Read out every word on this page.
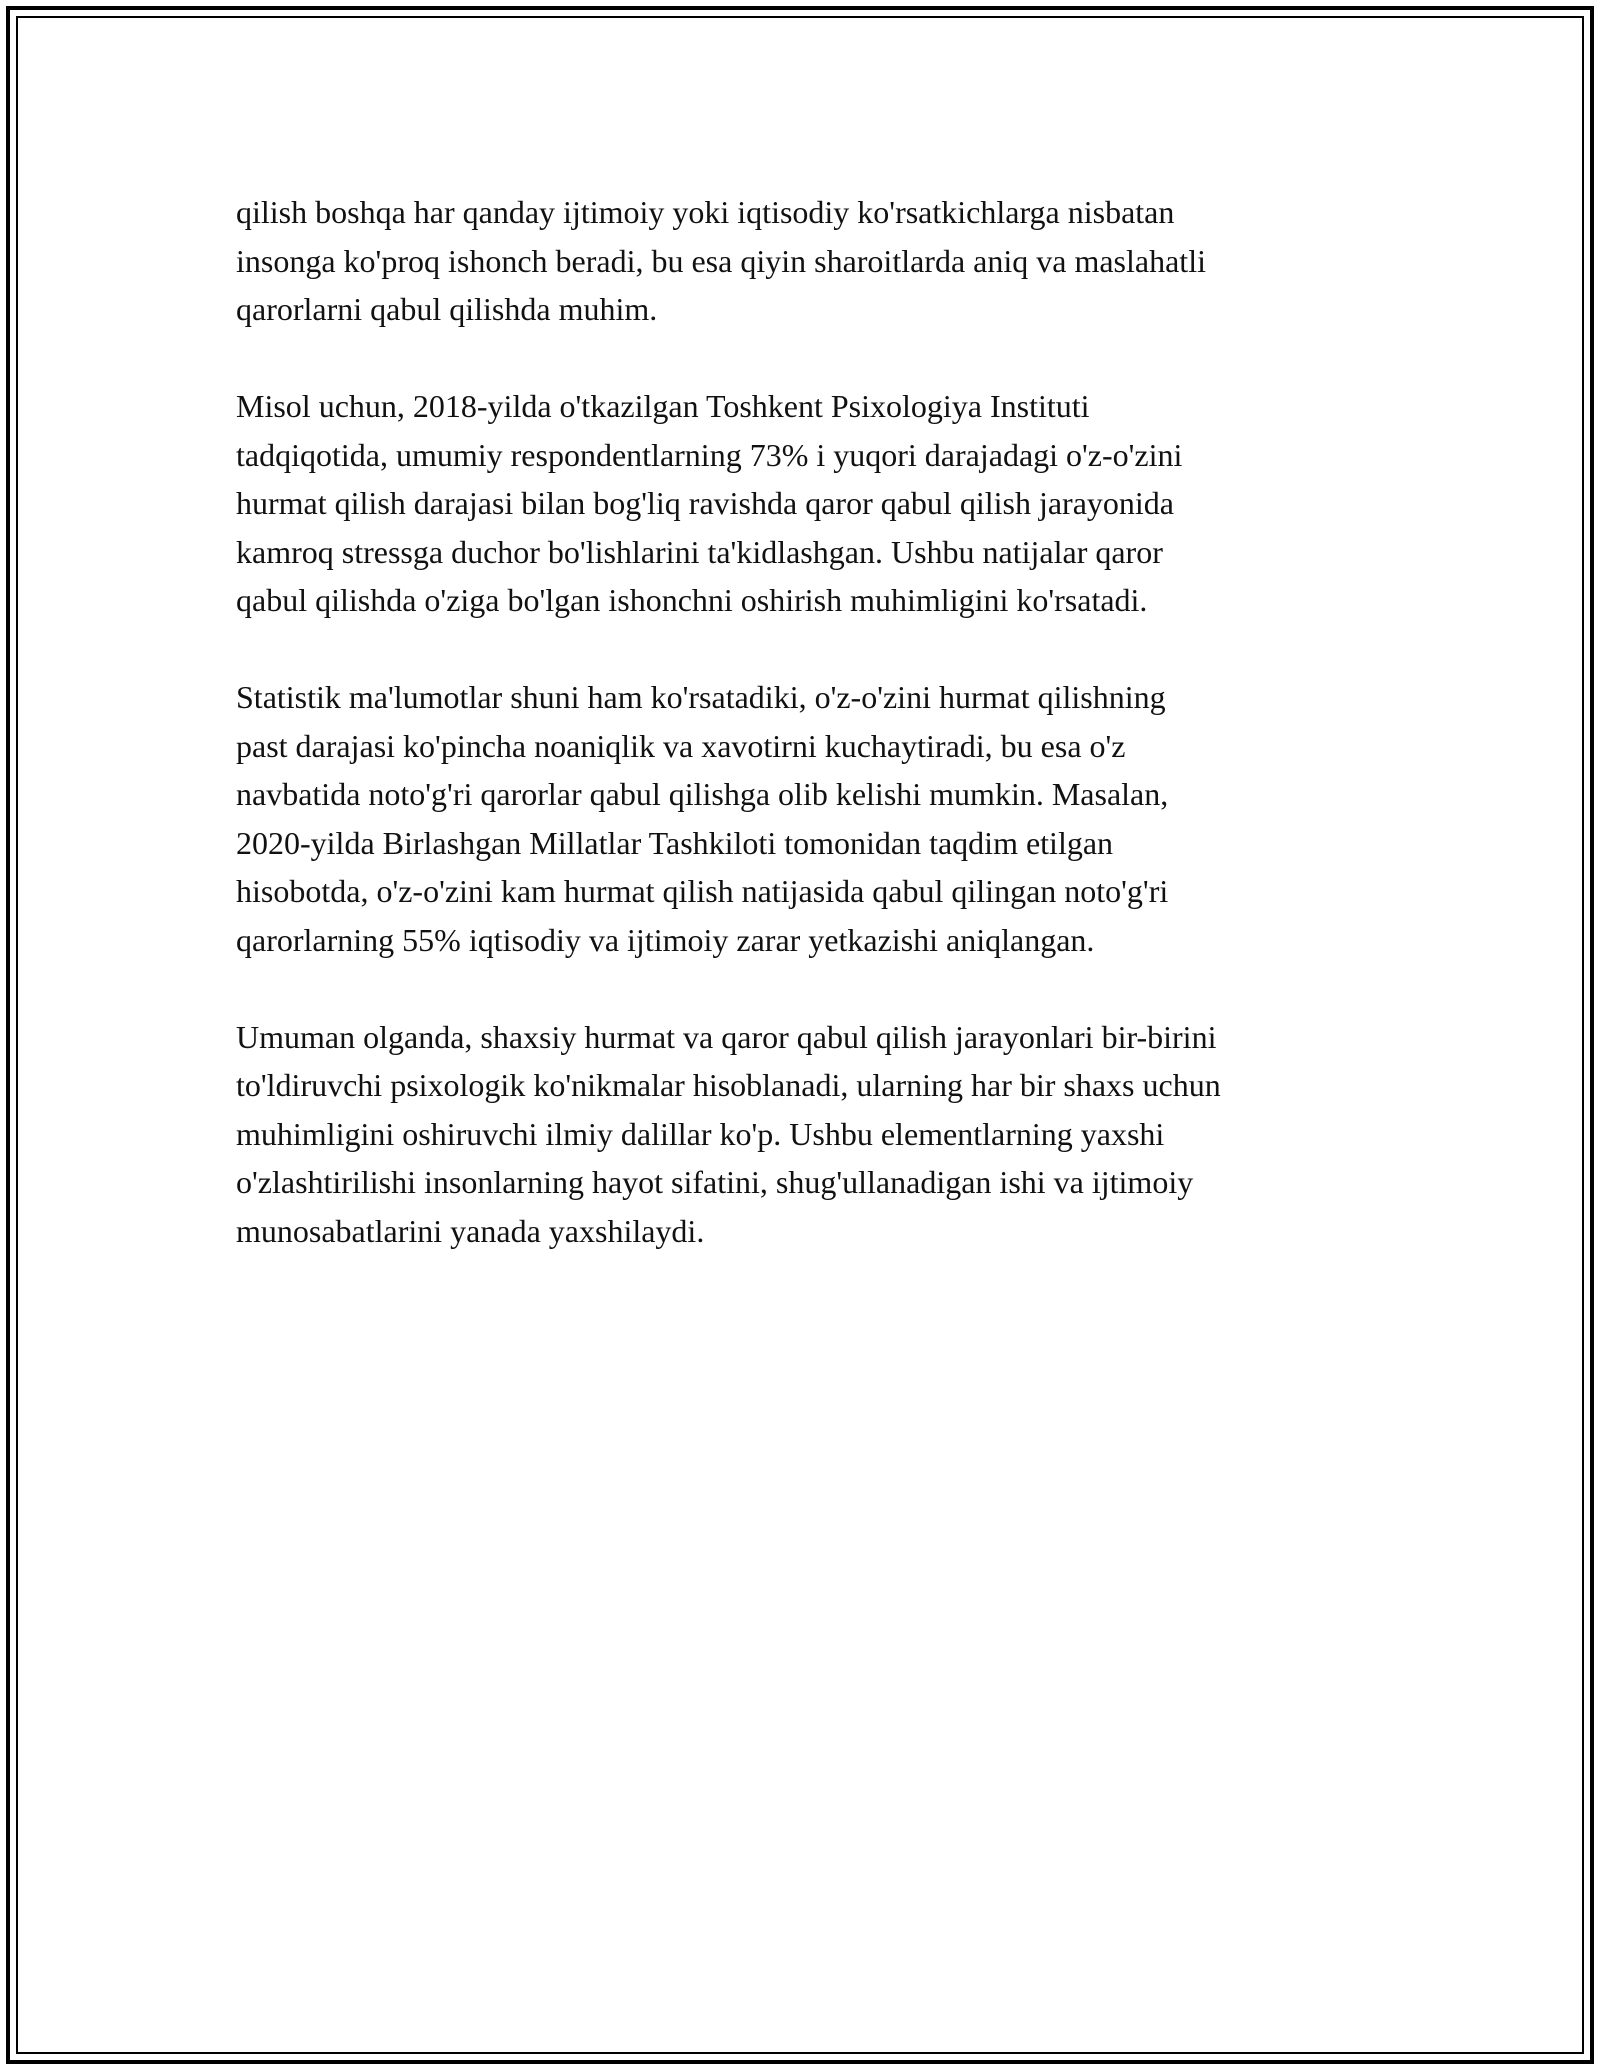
qilish boshqa har qanday ijtimoiy yoki iqtisodiy ko'rsatkichlarga nisbatan
insonga ko'proq ishonch beradi, bu esa qiyin sharoitlarda aniq va maslahatli
qarorlarni qabul qilishda muhim.

Misol uchun, 2018-yilda o'tkazilgan Toshkent Psixologiya Instituti
tadqiqotida, umumiy respondentlarning 73% i yuqori darajadagi o'z-o'zini
hurmat qilish darajasi bilan bog'liq ravishda qaror qabul qilish jarayonida
kamroq stressga duchor bo'lishlarini ta'kidlashgan. Ushbu natijalar qaror
qabul qilishda o'ziga bo'lgan ishonchni oshirish muhimligini ko'rsatadi.

Statistik ma'lumotlar shuni ham ko'rsatadiki, o'z-o'zini hurmat qilishning
past darajasi ko'pincha noaniqlik va xavotirni kuchaytiradi, bu esa o'z
navbatida noto'g'ri qarorlar qabul qilishga olib kelishi mumkin. Masalan,
2020-yilda Birlashgan Millatlar Tashkiloti tomonidan taqdim etilgan
hisobotda, o'z-o'zini kam hurmat qilish natijasida qabul qilingan noto'g'ri
qarorlarning 55% iqtisodiy va ijtimoiy zarar yetkazishi aniqlangan.

Umuman olganda, shaxsiy hurmat va qaror qabul qilish jarayonlari bir-birini
to'ldiruvchi psixologik ko'nikmalar hisoblanadi, ularning har bir shaxs uchun
muhimligini oshiruvchi ilmiy dalillar ko'p. Ushbu elementlarning yaxshi
o'zlashtirilishi insonlarning hayot sifatini, shug'ullanadigan ishi va ijtimoiy
munosabatlarini yanada yaxshilaydi.
